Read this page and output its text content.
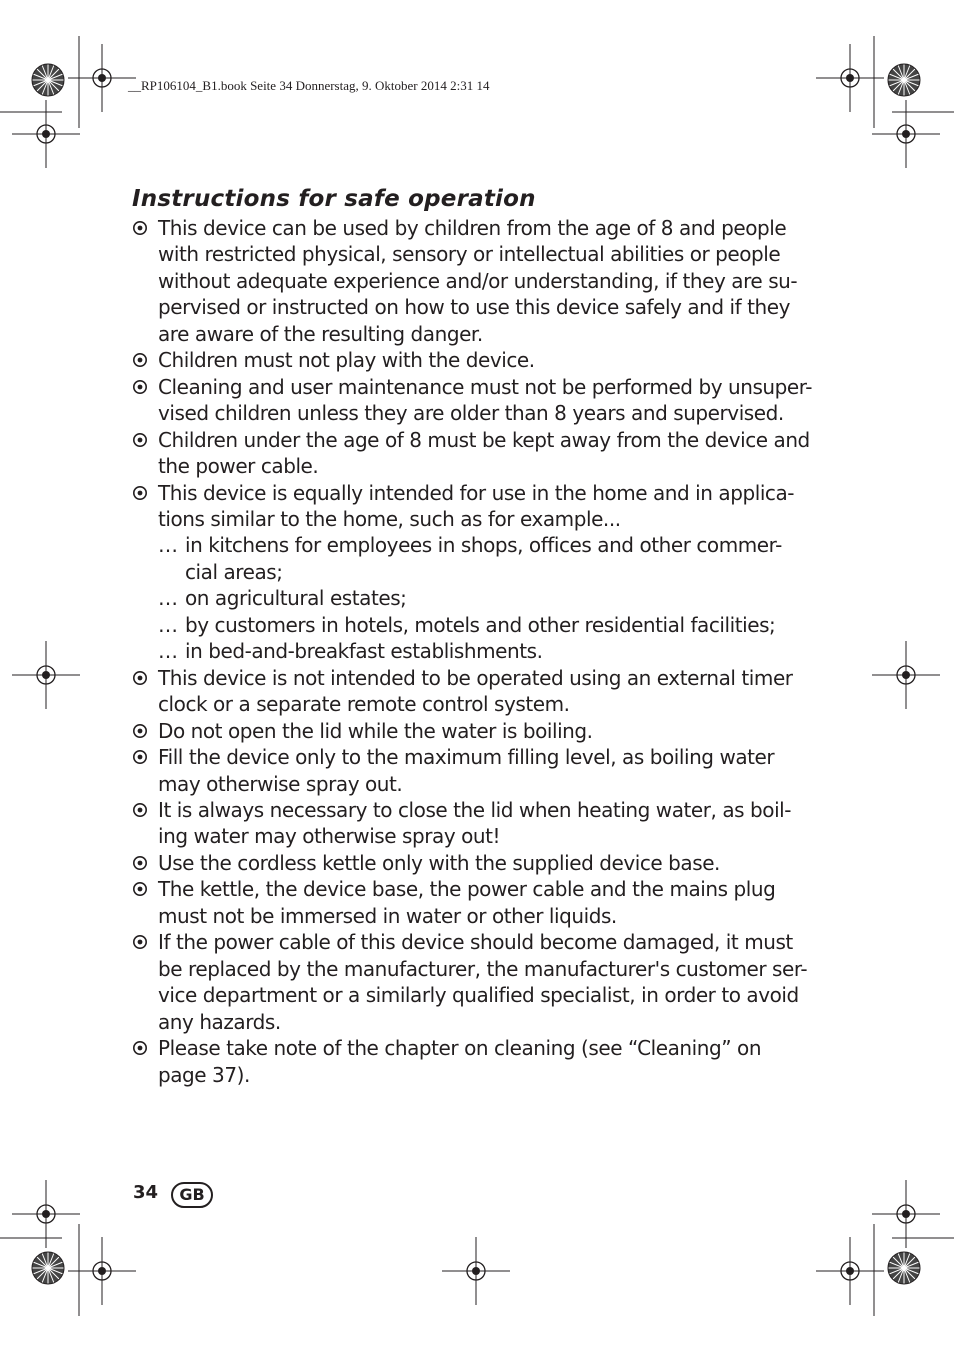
__RP106104_B1.book Seite 34 Donnerstag, 9. Oktober 2014 2:31 14
Instructions for safe operation
This device can be used by children from the age of 8 and people with restricted physical, sensory or intellectual abilities or people without adequate experience and/or understanding, if they are su-pervised or instructed on how to use this device safely and if they are aware of the resulting danger.
Children must not play with the device.
Cleaning and user maintenance must not be performed by unsuper-vised children unless they are older than 8 years and supervised.
Children under the age of 8 must be kept away from the device and the power cable.
This device is equally intended for use in the home and in applica-tions similar to the home, such as for example...
… in kitchens for employees in shops, offices and other commer-cial areas;
… on agricultural estates;
… by customers in hotels, motels and other residential facilities;
… in bed-and-breakfast establishments.
This device is not intended to be operated using an external timer clock or a separate remote control system.
Do not open the lid while the water is boiling.
Fill the device only to the maximum filling level, as boiling water may otherwise spray out.
It is always necessary to close the lid when heating water, as boil-ing water may otherwise spray out!
Use the cordless kettle only with the supplied device base.
The kettle, the device base, the power cable and the mains plug must not be immersed in water or other liquids.
If the power cable of this device should become damaged, it must be replaced by the manufacturer, the manufacturer's customer ser-vice department or a similarly qualified specialist, in order to avoid any hazards.
Please take note of the chapter on cleaning (see “Cleaning” on page 37).
34	GB
